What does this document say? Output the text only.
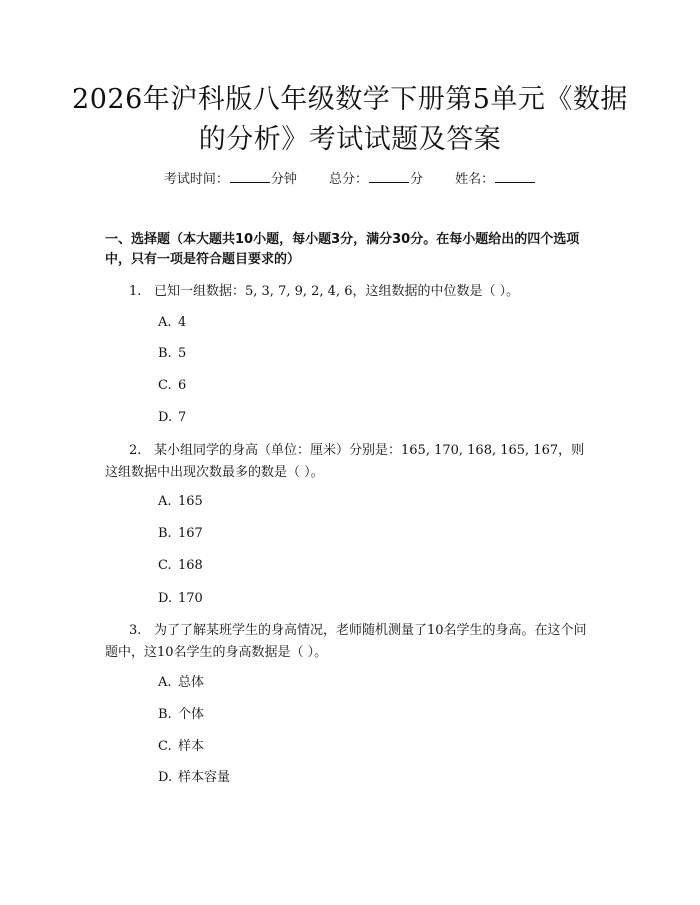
2026年沪科版八年级数学下册第5单元《数据的分析》考试试题及答案
考试时间：	分钟 总分：	分 姓名：
一、选择题（本大题共10小题，每小题3分，满分30分。在每小题给出的四个选项中，只有一项是符合题目要求的）
1. 已知一组数据：5, 3, 7, 9, 2, 4, 6，这组数据的中位数是（ ）。
A. 4
B. 5
C. 6
D. 7
2. 某小组同学的身高（单位：厘米）分别是：165, 170, 168, 165, 167，则这组数据中出现次数最多的数是（ ）。
A. 165
B. 167
C. 168
D. 170
3. 为了了解某班学生的身高情况，老师随机测量了10名学生的身高。在这个问题中，这10名学生的身高数据是（ ）。
A. 总体
B. 个体
C. 样本
D. 样本容量
